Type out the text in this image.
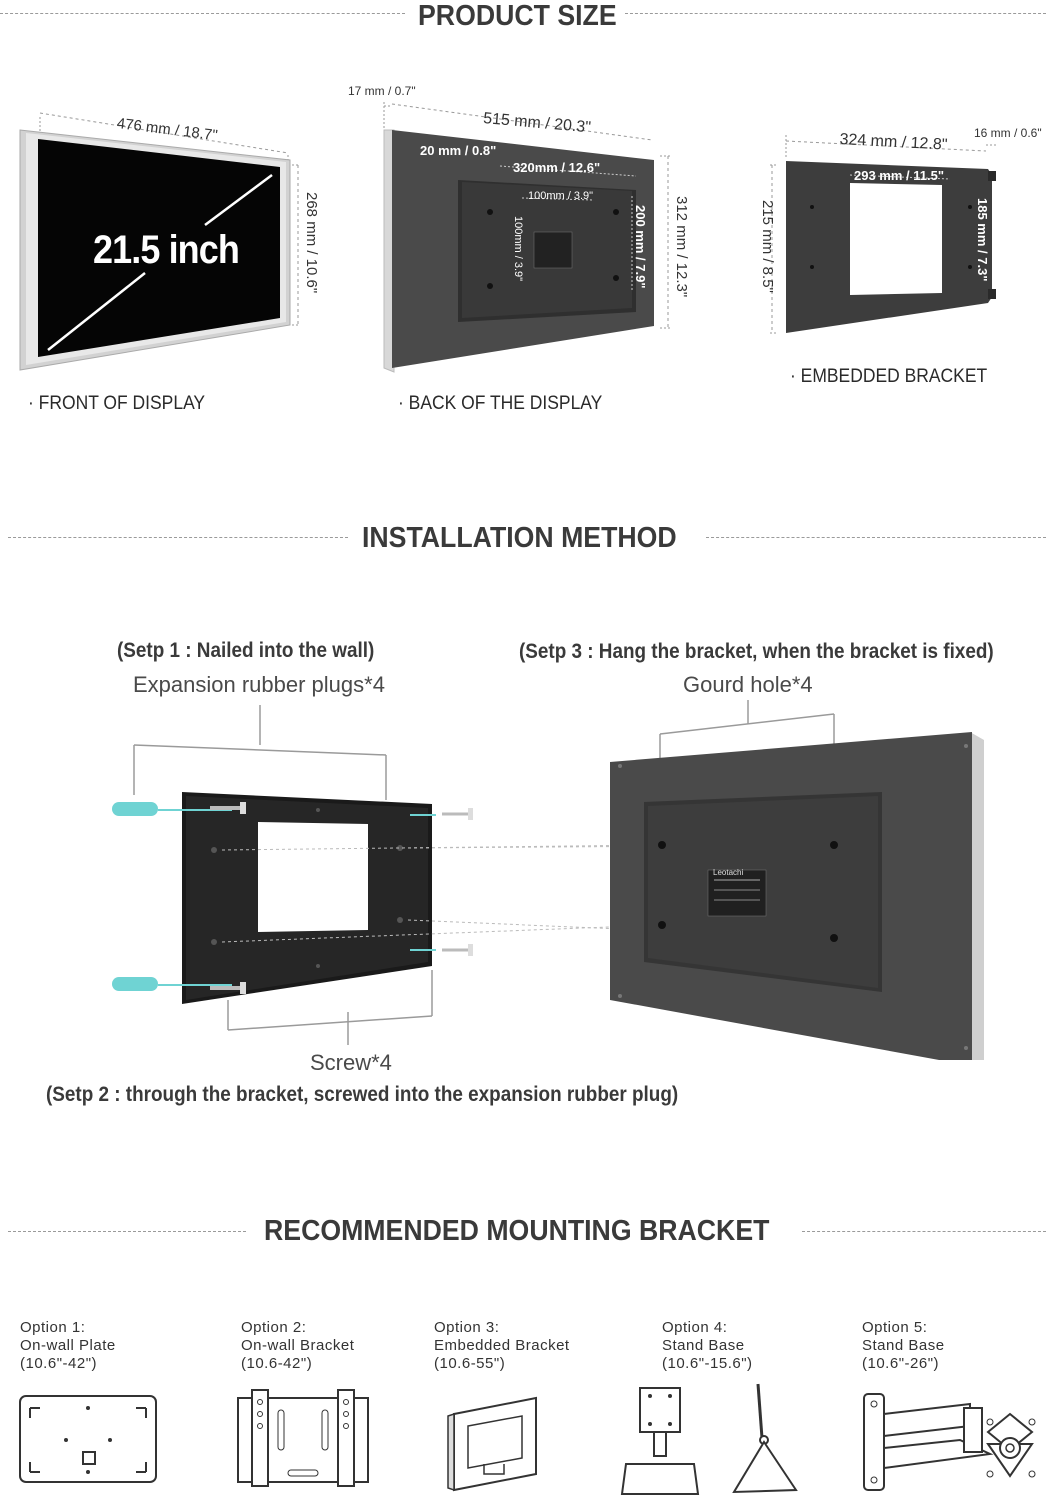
PRODUCT SIZE
21.5 inch
476 mm / 18.7"
268 mm / 10.6"
· FRONT OF DISPLAY
17 mm / 0.7"
515 mm / 20.3"
312 mm / 12.3"
20 mm / 0.8"
320mm / 12.6"
100mm / 3.9"
100mm / 3.9"	200 mm / 7.9"
· BACK OF THE DISPLAY
324 mm / 12.8" 16 mm / 0.6"
293 mm / 11.5"
215 mm / 8.5"	185 mm / 7.3"
· EMBEDDED BRACKET
INSTALLATION METHOD
(Setp 1 : Nailed into the wall)
Expansion rubber plugs*4
(Setp 3 : Hang the bracket, when the bracket is fixed)
Gourd hole*4
Leotachi
Screw*4
(Setp 2 : through the bracket, screwed into the expansion rubber plug)
RECOMMENDED MOUNTING BRACKET
Option 1:
On-wall Plate
(10.6"-42")
Option 2:
On-wall Bracket
(10.6-42")
Option 3:
Embedded Bracket
(10.6-55")
Option 4:
Stand Base
(10.6"-15.6")
Option 5:
Stand Base
(10.6"-26")
